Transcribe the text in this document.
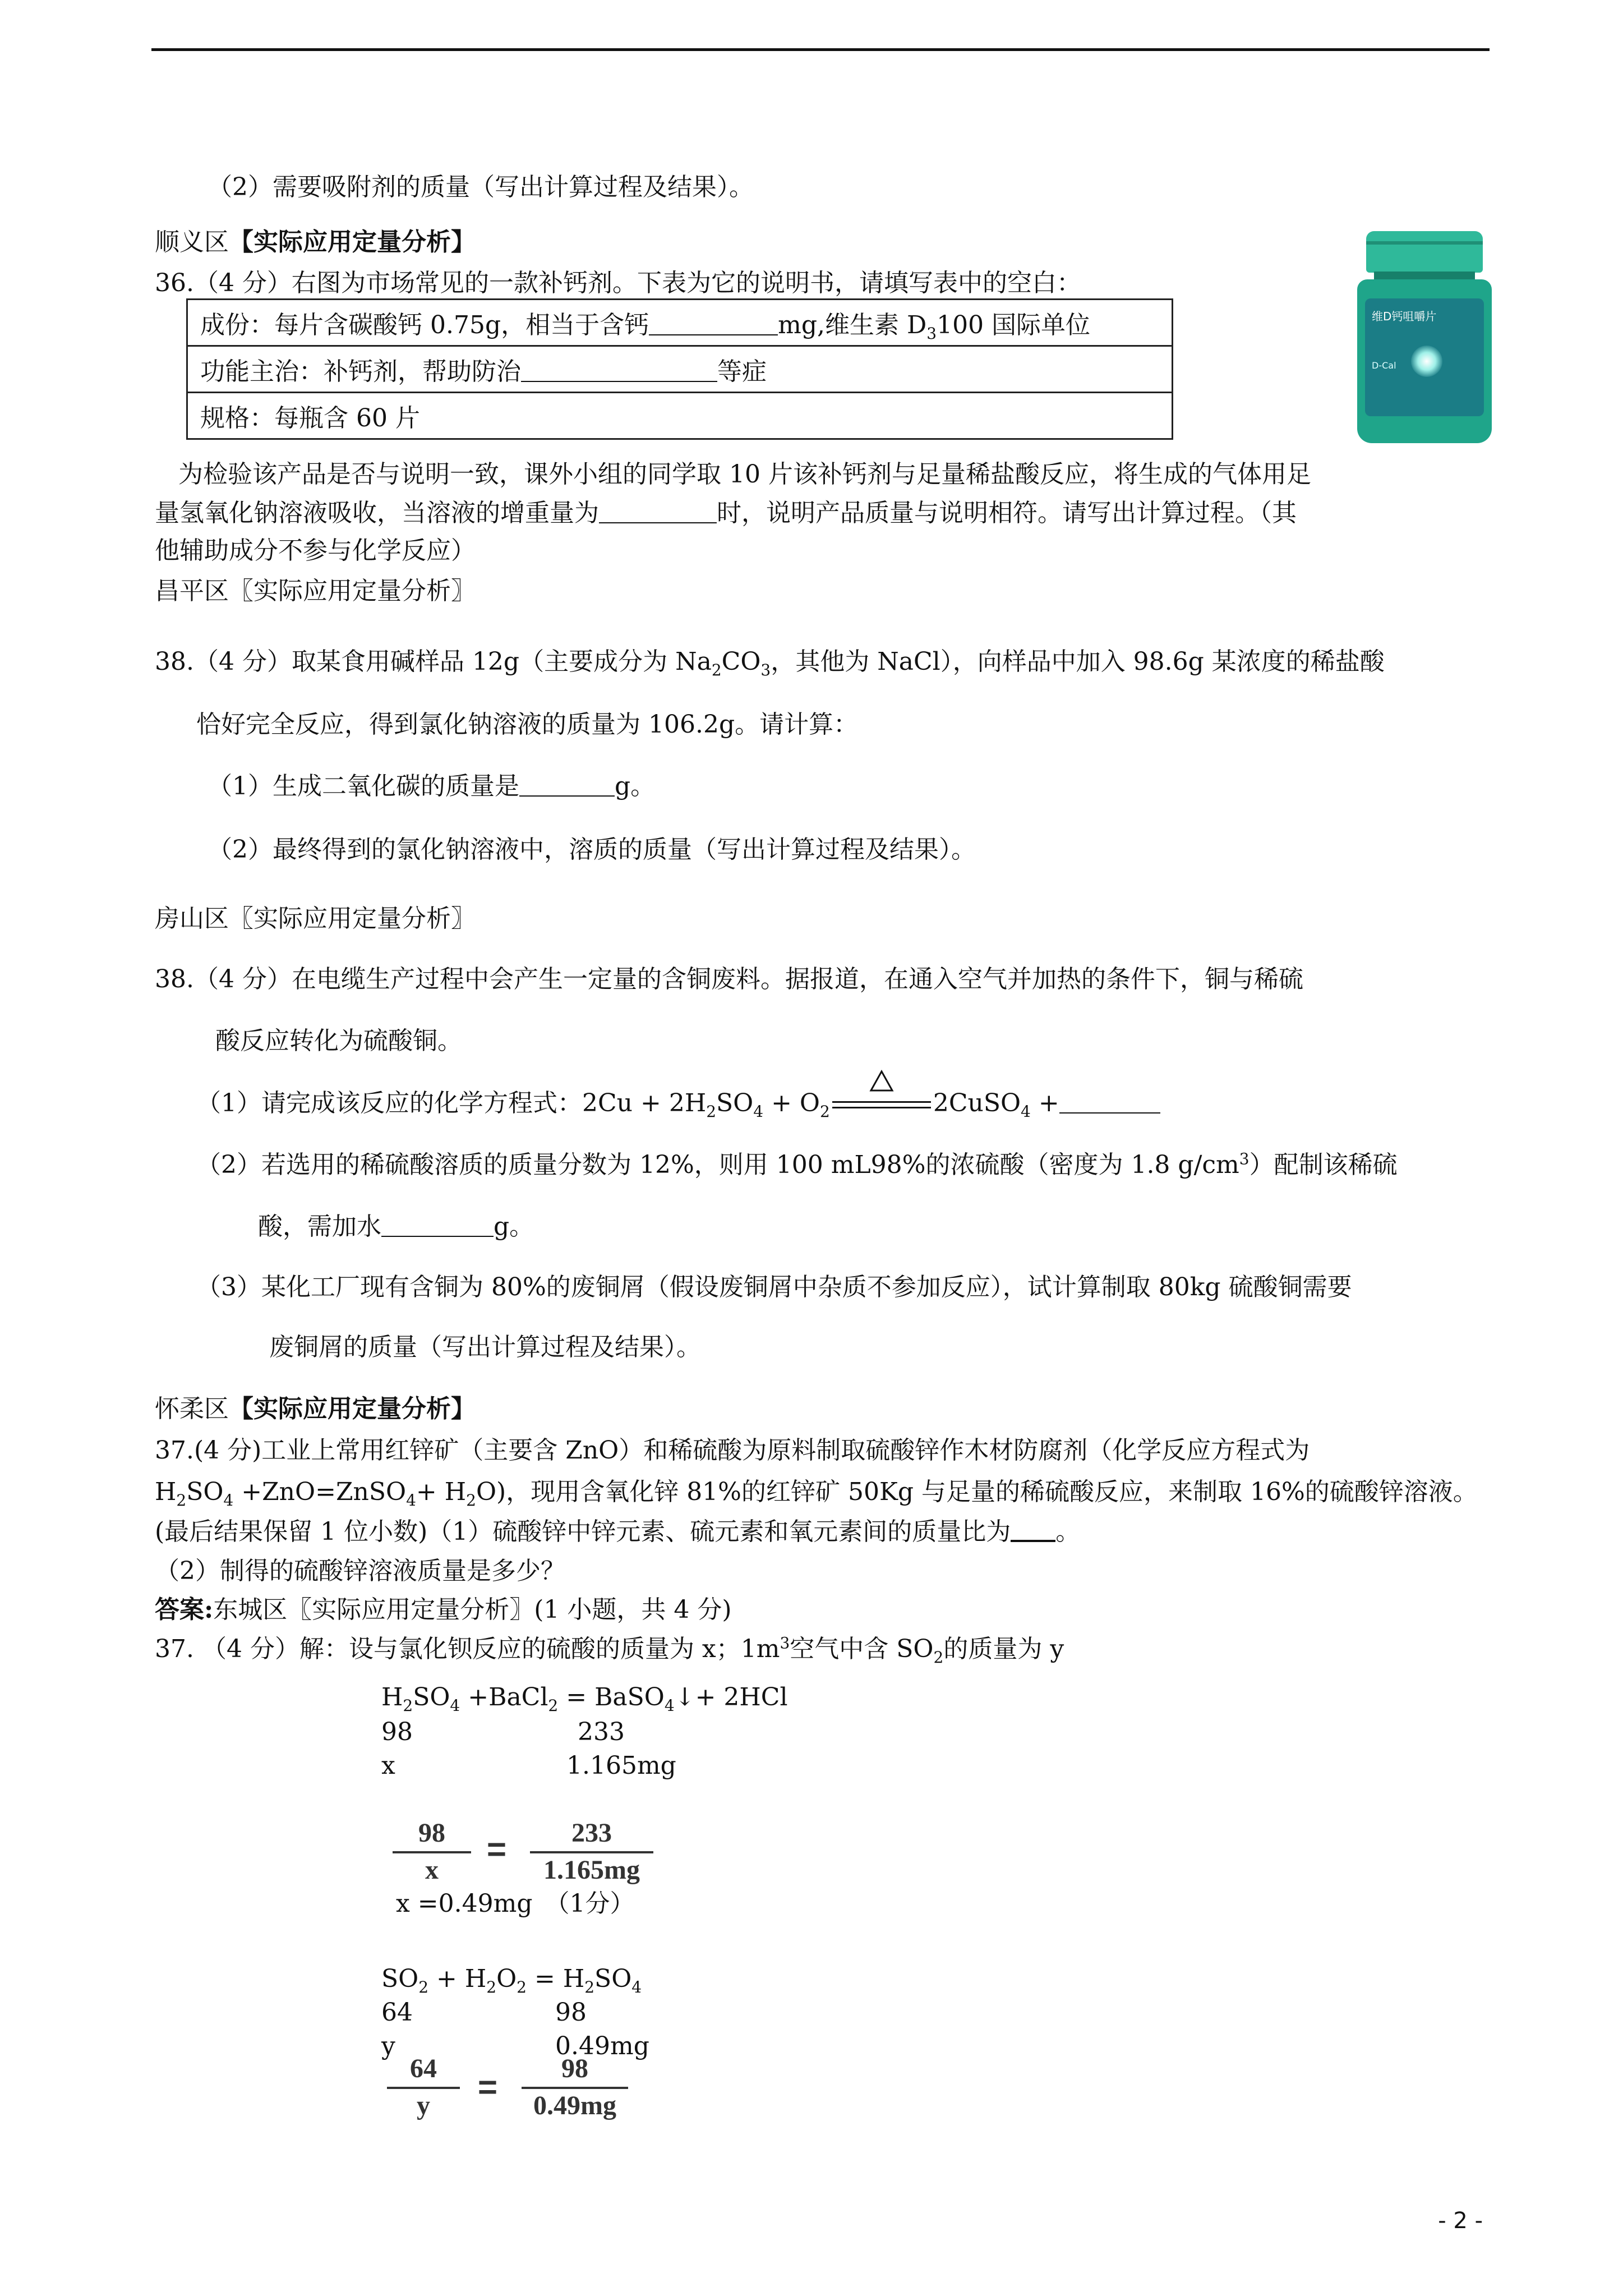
（2）需要吸附剂的质量（写出计算过程及结果）。
顺义区【实际应用定量分析】
36.（4 分）右图为市场常见的一款补钙剂。下表为它的说明书，请填写表中的空白：
成份：每片含碳酸钙 0.75g，相当于含钙	mg,维生素 $D_3100$ 国际单位
功能主治：补钙剂，帮助防治	等症
规格：每瓶含 60 片
维D钙咀嚼片
D-Cal
为检验该产品是否与说明一致，课外小组的同学取 10 片该补钙剂与足量稀盐酸反应，将生成的气体用足
量氢氧化钠溶液吸收，当溶液的增重量为	时，说明产品质量与说明相符。请写出计算过程。（其
他辅助成分不参与化学反应）
昌平区〖实际应用定量分析〗
38.（4 分）取某食用碱样品 12g（主要成分为 $Na_2CO_3$，其他为 NaCl），向样品中加入 98.6g 某浓度的稀盐酸
恰好完全反应，得到氯化钠溶液的质量为 106.2g。请计算：
（1）生成二氧化碳的质量是	g。
（2）最终得到的氯化钠溶液中，溶质的质量（写出计算过程及结果）。
房山区〖实际应用定量分析〗
38.（4 分）在电缆生产过程中会产生一定量的含铜废料。据报道，在通入空气并加热的条件下，铜与稀硫
酸反应转化为硫酸铜。
（1）请完成该反应的化学方程式：$2Cu + 2H_2SO_4 + O_2$	2CuSO$_4$ +
（2）若选用的稀硫酸溶质的质量分数为 12%，则用 100 mL98%的浓硫酸（密度为 1.8 $g/cm^3$）配制该稀硫
酸，需加水	g。
（3）某化工厂现有含铜为 80%的废铜屑（假设废铜屑中杂质不参加反应），试计算制取 80kg 硫酸铜需要
废铜屑的质量（写出计算过程及结果）。
怀柔区【实际应用定量分析】
37.(4 分)工业上常用红锌矿（主要含 ZnO）和稀硫酸为原料制取硫酸锌作木材防腐剂（化学反应方程式为
$H_2SO_4$ +ZnO=ZnSO$_4$+ $H_2O$)，现用含氧化锌 81%的红锌矿 50Kg 与足量的稀硫酸反应，来制取 16%的硫酸锌溶液。
(最后结果保留 1 位小数)（1）硫酸锌中锌元素、硫元素和氧元素间的质量比为 。
（2）制得的硫酸锌溶液质量是多少？
答案:东城区〖实际应用定量分析〗(1 小题，共 4 分)
37. （4 分）解：设与氯化钡反应的硫酸的质量为 x；$1m^3$空气中含 $SO_2$的质量为 y
$H_2SO_4$ +BaCl$_2$ = BaSO$_4$↓+ 2HCl
98	233
x	1.165mg
98
x
=	233
1.165mg
x =0.49mg　（1分）
$SO_2 + H_2O_2 = H_2SO_4$
64	98
y	0.49mg
64
y	=	98
0.49mg
- 2 -
